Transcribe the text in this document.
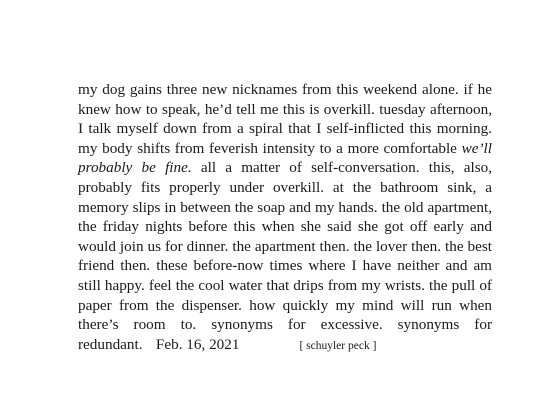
my dog gains three new nicknames from this weekend alone. if he knew how to speak, he’d tell me this is overkill. tuesday afternoon, I talk myself down from a spiral that I self-inflicted this morning. my body shifts from feverish intensity to a more comfortable we’ll probably be fine. all a matter of self-conversation. this, also, probably fits properly under overkill. at the bathroom sink, a memory slips in between the soap and my hands. the old apartment, the friday nights before this when she said she got off early and would join us for dinner. the apartment then. the lover then. the best friend then. these before-now times where I have neither and am still happy. feel the cool water that drips from my wrists. the pull of paper from the dispenser. how quickly my mind will run when there’s room to. synonyms for excessive. synonyms for redundant. Feb. 16, 2021	[ schuyler peck ]
